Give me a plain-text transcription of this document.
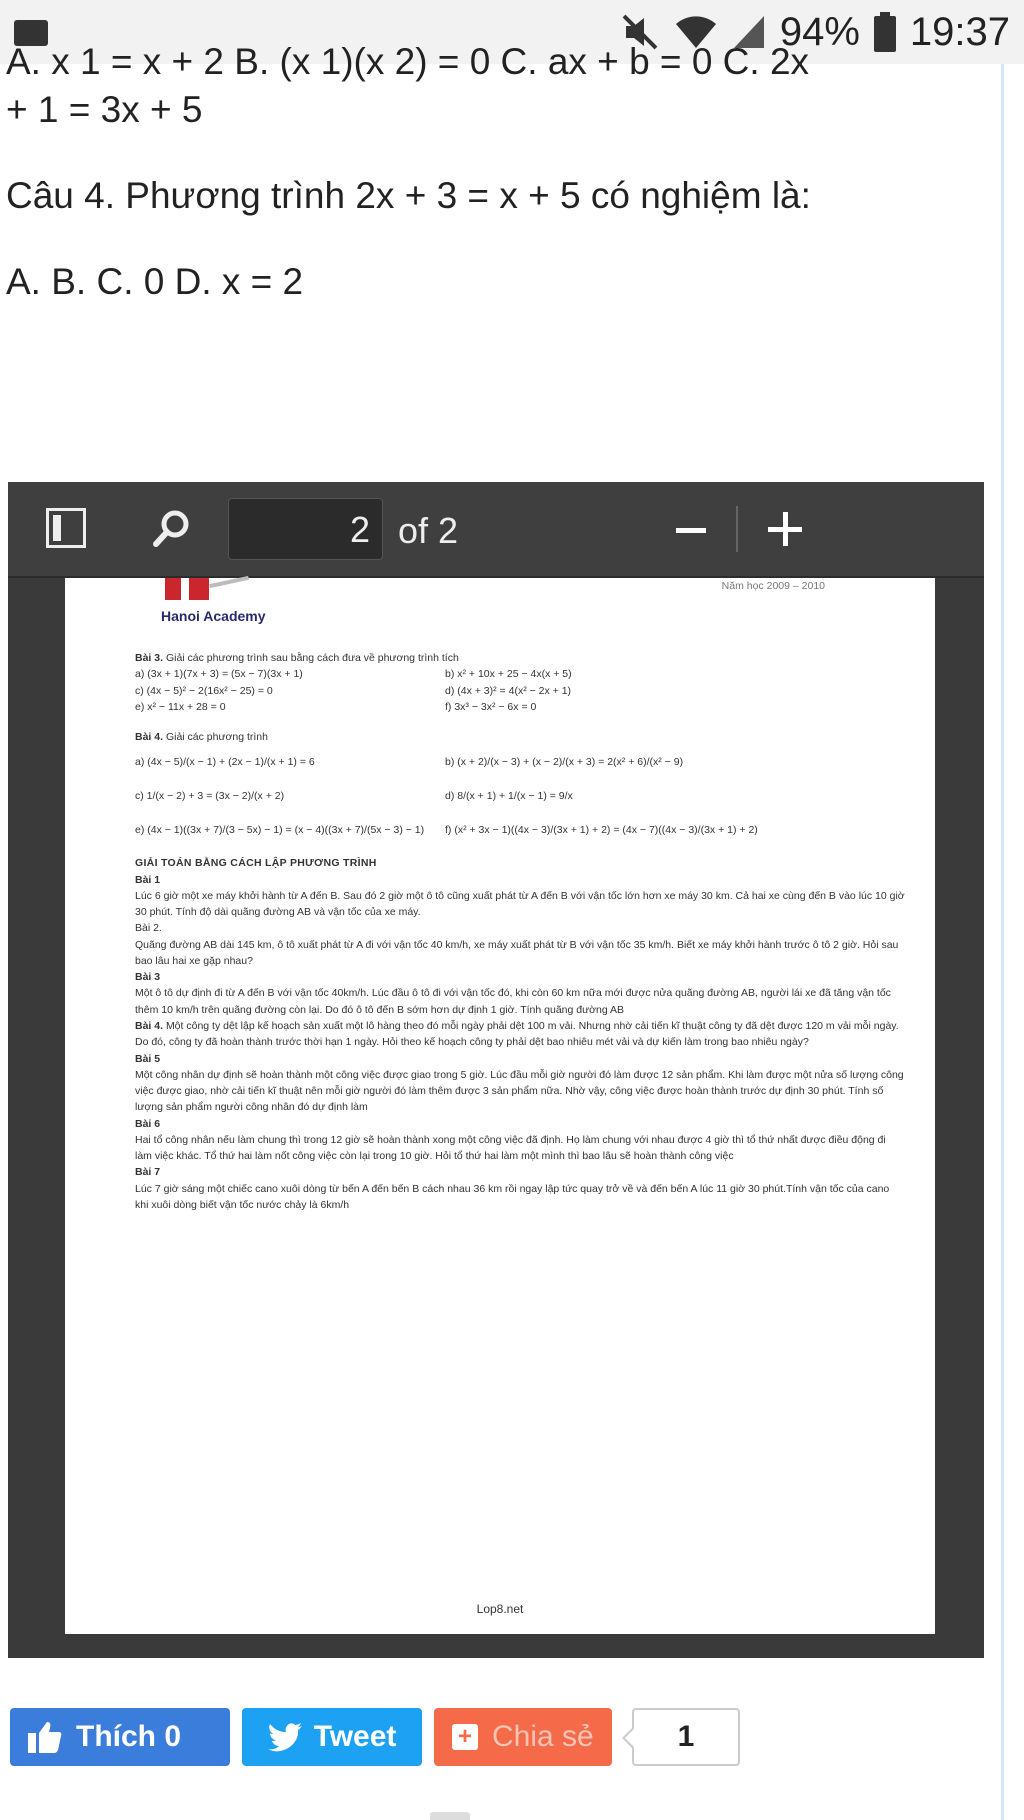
94% 19:37
A. x 1 = x + 2 B. (x 1)(x 2) = 0 C. ax + b = 0 C. 2x

+ 1 = 3x + 5

Câu 4. Phương trình 2x + 3 = x + 5 có nghiệm là:

A. B. C. 0 D. x = 2

2 of 2
Hanoi Academy
Năm học 2009 – 2010

Bài 3. Giải các phương trình sau bằng cách đưa về phương trình tích

a) (3x + 1)(7x + 3) = (5x − 7)(3x + 1)	b) x² + 10x + 25 − 4x(x + 5)
c) (4x − 5)² − 2(16x² − 25) = 0	d) (4x + 3)² = 4(x² − 2x + 1)
e) x² − 11x + 28 = 0	f) 3x³ − 3x² − 6x = 0

Bài 4. Giải các phương trình

a) (4x − 5)/(x − 1) + (2x − 1)/(x + 1) = 6	b) (x + 2)/(x − 3) + (x − 2)/(x + 3) = 2(x² + 6)/(x² − 9)
c) 1/(x − 2) + 3 = (3x − 2)/(x + 2)	d) 8/(x + 1) + 1/(x − 1) = 9/x
e) (4x − 1)((3x + 7)/(3 − 5x) − 1) = (x − 4)((3x + 7)/(5x − 3) − 1)	f) (x² + 3x − 1)((4x − 3)/(3x + 1) + 2) = (4x − 7)((4x − 3)/(3x + 1) + 2)

GIẢI TOÁN BẰNG CÁCH LẬP PHƯƠNG TRÌNH

Bài 1

Lúc 6 giờ một xe máy khởi hành từ A đến B. Sau đó 2 giờ một ô tô cũng xuất phát từ A đến B với vận tốc lớn hơn xe máy 30 km. Cả hai xe cùng đến B vào lúc 10 giờ 30 phút. Tính độ dài quãng đường AB và vận tốc của xe máy.

Bài 2.

Quãng đường AB dài 145 km, ô tô xuất phát từ A đi với vận tốc 40 km/h, xe máy xuất phát từ B với vận tốc 35 km/h. Biết xe máy khởi hành trước ô tô 2 giờ. Hỏi sau bao lâu hai xe gặp nhau?

Bài 3

Một ô tô dự định đi từ A đến B với vận tốc 40km/h. Lúc đầu ô tô đi với vận tốc đó, khi còn 60 km nữa mới được nửa quãng đường AB, người lái xe đã tăng vận tốc thêm 10 km/h trên quãng đường còn lại. Do đó ô tô đến B sớm hơn dự định 1 giờ. Tính quãng đường AB

Bài 4. Một công ty dệt lập kế hoạch sản xuất một lô hàng theo đó mỗi ngày phải dệt 100 m vải. Nhưng nhờ cải tiến kĩ thuật công ty đã dệt được 120 m vải mỗi ngày. Do đó, công ty đã hoàn thành trước thời hạn 1 ngày. Hỏi theo kế hoạch công ty phải dệt bao nhiêu mét vải và dự kiến làm trong bao nhiêu ngày?

Bài 5

Một công nhân dự định sẽ hoàn thành một công việc được giao trong 5 giờ. Lúc đầu mỗi giờ người đó làm được 12 sản phẩm. Khi làm được một nửa số lượng công việc được giao, nhờ cải tiến kĩ thuật nên mỗi giờ người đó làm thêm được 3 sản phẩm nữa. Nhờ vậy, công việc được hoàn thành trước dự định 30 phút. Tính số lượng sản phẩm người công nhân đó dự định làm

Bài 6

Hai tổ công nhân nếu làm chung thì trong 12 giờ sẽ hoàn thành xong một công việc đã định. Họ làm chung với nhau được 4 giờ thì tổ thứ nhất được điều động đi làm việc khác. Tổ thứ hai làm nốt công việc còn lại trong 10 giờ. Hỏi tổ thứ hai làm một mình thì bao lâu sẽ hoàn thành công việc

Bài 7

Lúc 7 giờ sáng một chiếc cano xuôi dòng từ bến A đến bến B cách nhau 36 km rồi ngay lập tức quay trở về và đến bến A lúc 11 giờ 30 phút.Tính vận tốc của cano khi xuôi dòng biết vận tốc nước chảy là 6km/h

Lop8.net
Thích 0	Tweet	+ Chia sẻ	1
